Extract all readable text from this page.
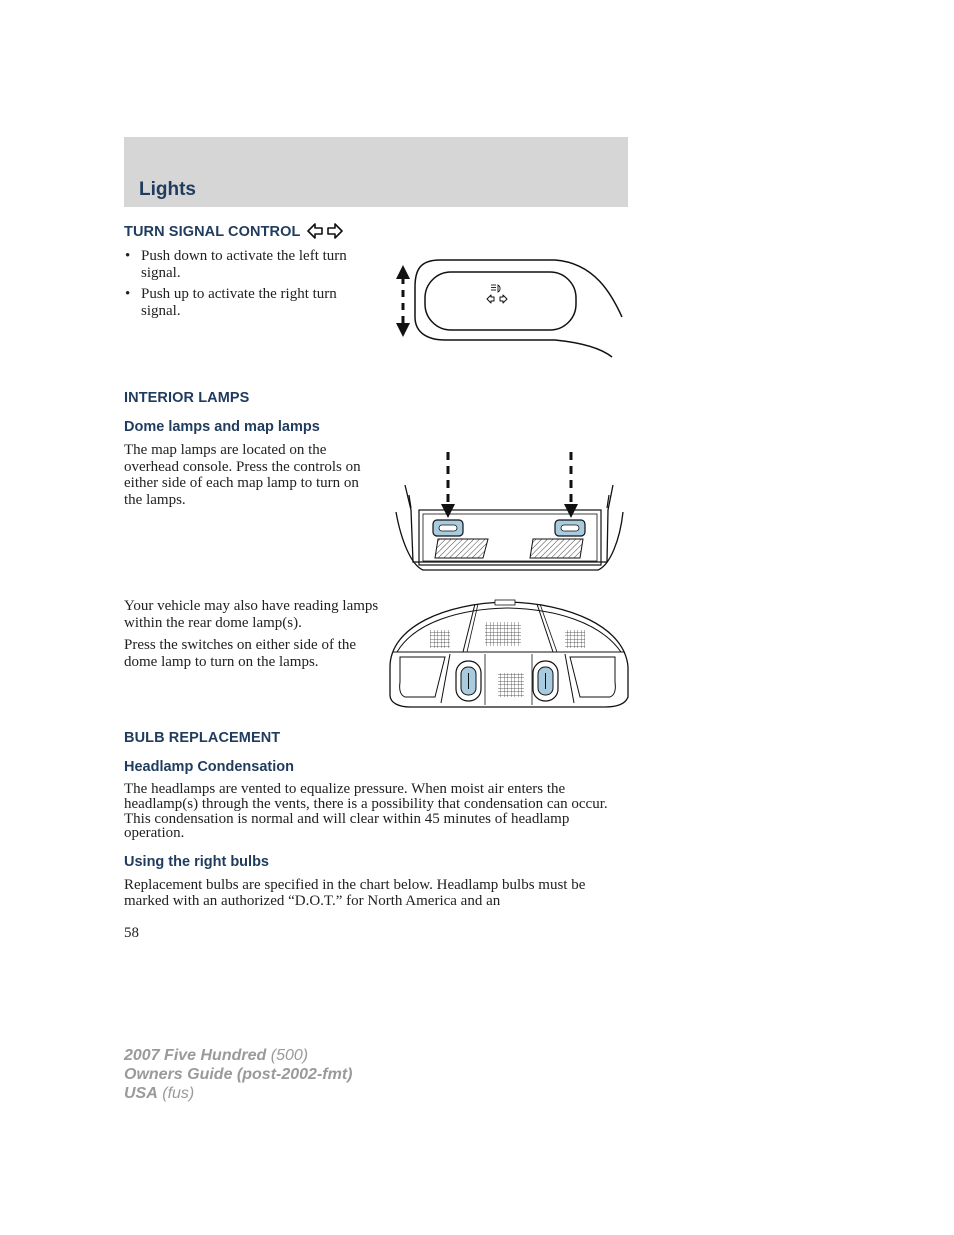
Lights
TURN SIGNAL CONTROL
• Push down to activate the left turn signal.
• Push up to activate the right turn signal.
INTERIOR LAMPS
Dome lamps and map lamps

The map lamps are located on the overhead console. Press the controls on either side of each map lamp to turn on the lamps.

Your vehicle may also have reading lamps within the rear dome lamp(s).

Press the switches on either side of the dome lamp to turn on the lamps.

BULB REPLACEMENT
Headlamp Condensation

The headlamps are vented to equalize pressure. When moist air enters the headlamp(s) through the vents, there is a possibility that condensation can occur. This condensation is normal and will clear within 45 minutes of headlamp operation.

Using the right bulbs

Replacement bulbs are specified in the chart below. Headlamp bulbs must be marked with an authorized “D.O.T.” for North America and an

58

2007 Five Hundred (500)
Owners Guide (post-2002-fmt)
USA (fus)
